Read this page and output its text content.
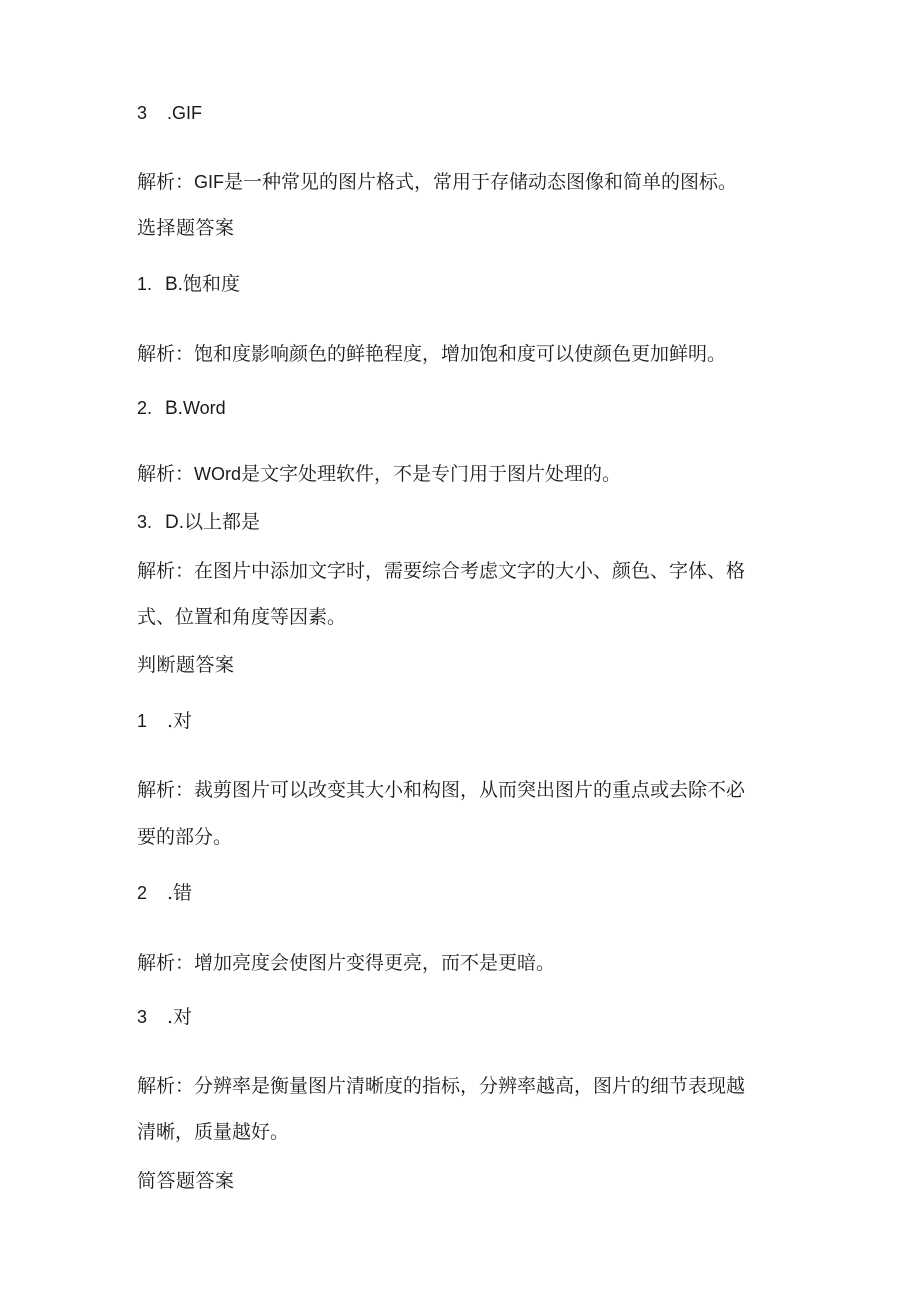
3 .GIF
解析：GIF是一种常见的图片格式，常用于存储动态图像和简单的图标。
选择题答案
1. B.饱和度
解析：饱和度影响颜色的鲜艳程度，增加饱和度可以使颜色更加鲜明。
2. B.Word
解析：WOrd是文字处理软件，不是专门用于图片处理的。
3. D.以上都是
解析：在图片中添加文字时，需要综合考虑文字的大小、颜色、字体、格
式、位置和角度等因素。
判断题答案
1 .对
解析：裁剪图片可以改变其大小和构图，从而突出图片的重点或去除不必
要的部分。
2 .错
解析：增加亮度会使图片变得更亮，而不是更暗。
3 .对
解析：分辨率是衡量图片清晰度的指标，分辨率越高，图片的细节表现越
清晰，质量越好。
简答题答案
